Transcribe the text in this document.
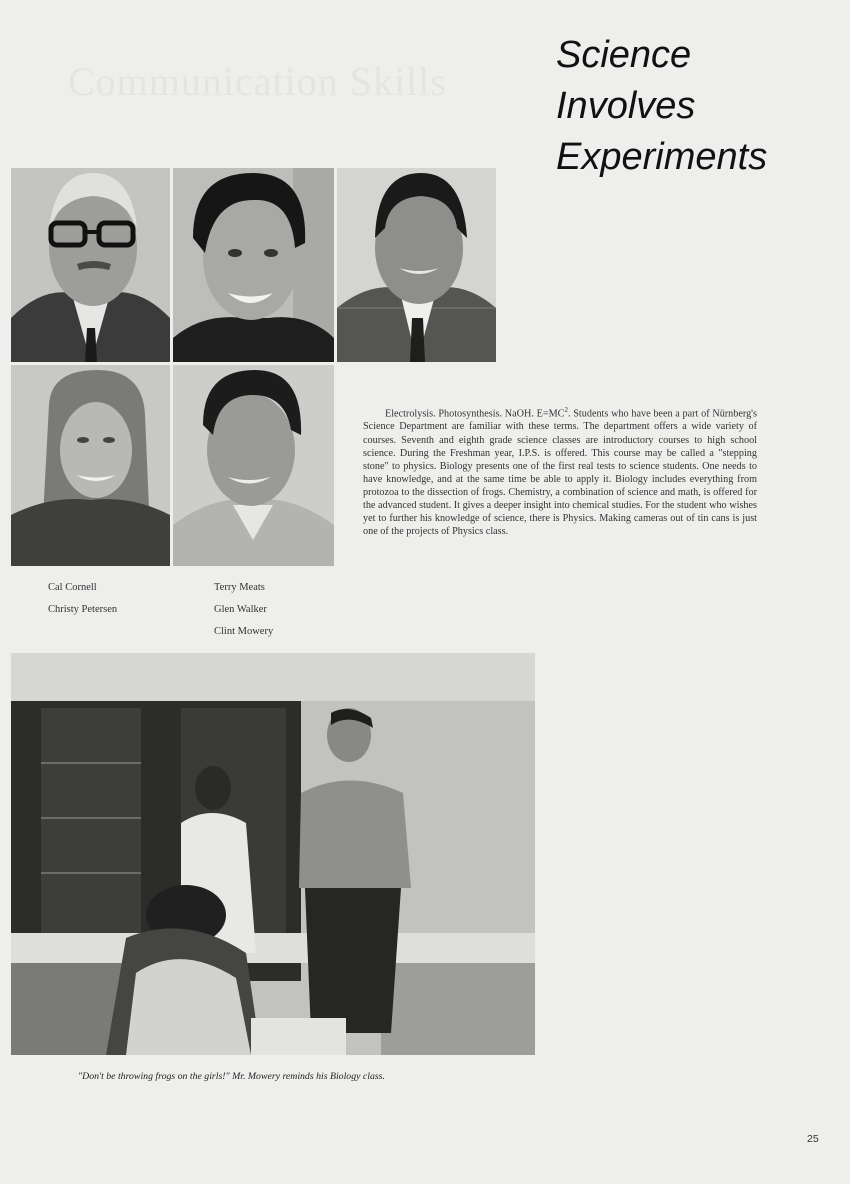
Communication Skills
Science
Involves
Experiments
Electrolysis. Photosynthesis. NaOH. $E=MC^2$. Students who have been a part of Nürnberg's Science Department are familiar with these terms. The department offers a wide variety of courses. Seventh and eighth grade science classes are introductory courses to high school science. During the Freshman year, I.P.S. is offered. This course may be called a "stepping stone" to physics. Biology presents one of the first real tests to science students. One needs to have knowledge, and at the same time be able to apply it. Biology includes everything from protozoa to the dissection of frogs. Chemistry, a combination of science and math, is offered for the advanced student. It gives a deeper insight into chemical studies. For the student who wishes yet to further his knowledge of science, there is Physics. Making cameras out of tin cans is just one of the projects of Physics class.
Cal Cornell
Christy Petersen
Terry Meats
Glen Walker
Clint Mowery
"Don't be throwing frogs on the girls!" Mr. Mowery reminds his Biology class.
25
